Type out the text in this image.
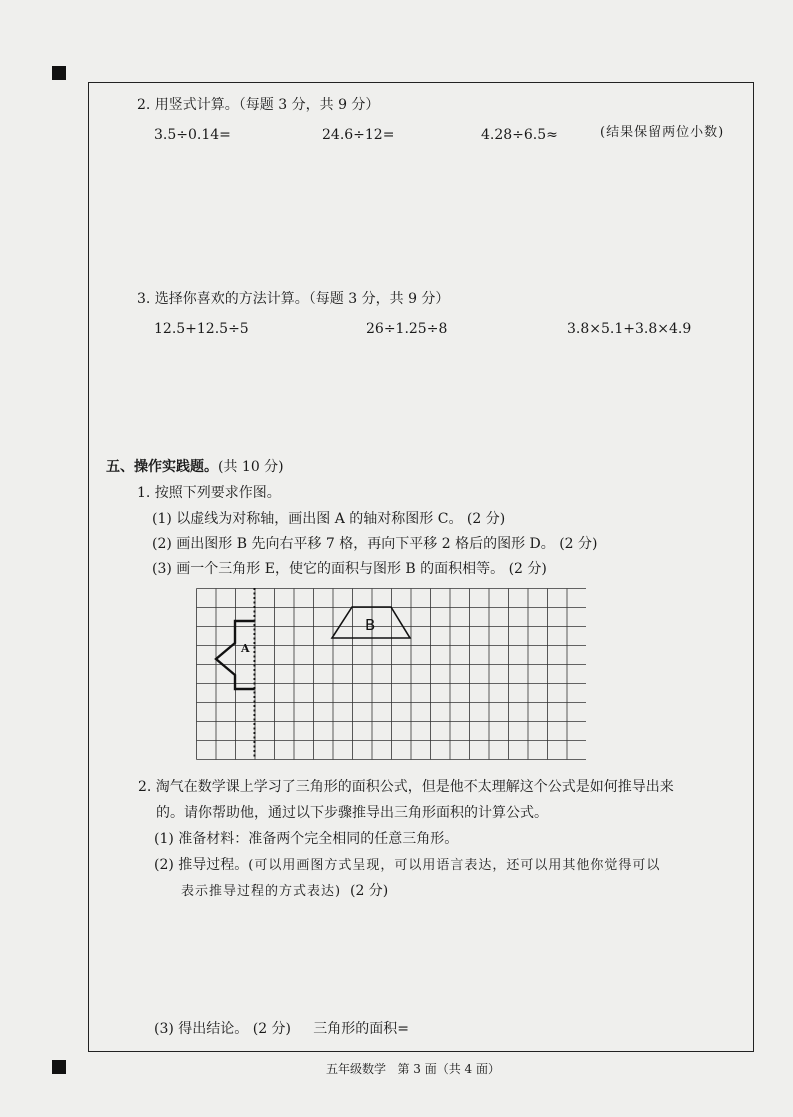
2. 用竖式计算。（每题 3 分，共 9 分）
3.5÷0.14=	24.6÷12=	4.28÷6.5≈	(结果保留两位小数)
3. 选择你喜欢的方法计算。（每题 3 分，共 9 分）
12.5+12.5÷5	26÷1.25÷8	3.8×5.1+3.8×4.9
五、操作实践题。(共 10 分)
1. 按照下列要求作图。
(1) 以虚线为对称轴，画出图 A 的轴对称图形 C。 (2 分)
(2) 画出图形 B 先向右平移 7 格，再向下平移 2 格后的图形 D。 (2 分)
(3) 画一个三角形 E，使它的面积与图形 B 的面积相等。 (2 分)
A
B
2. 淘气在数学课上学习了三角形的面积公式，但是他不太理解这个公式是如何推导出来
的。请你帮助他，通过以下步骤推导出三角形面积的计算公式。
(1) 准备材料：准备两个完全相同的任意三角形。
(2) 推导过程。(可以用画图方式呈现，可以用语言表达，还可以用其他你觉得可以
表示推导过程的方式表达) (2 分)
(3) 得出结论。 (2 分) 三角形的面积=
五年级数学 第 3 面（共 4 面）
